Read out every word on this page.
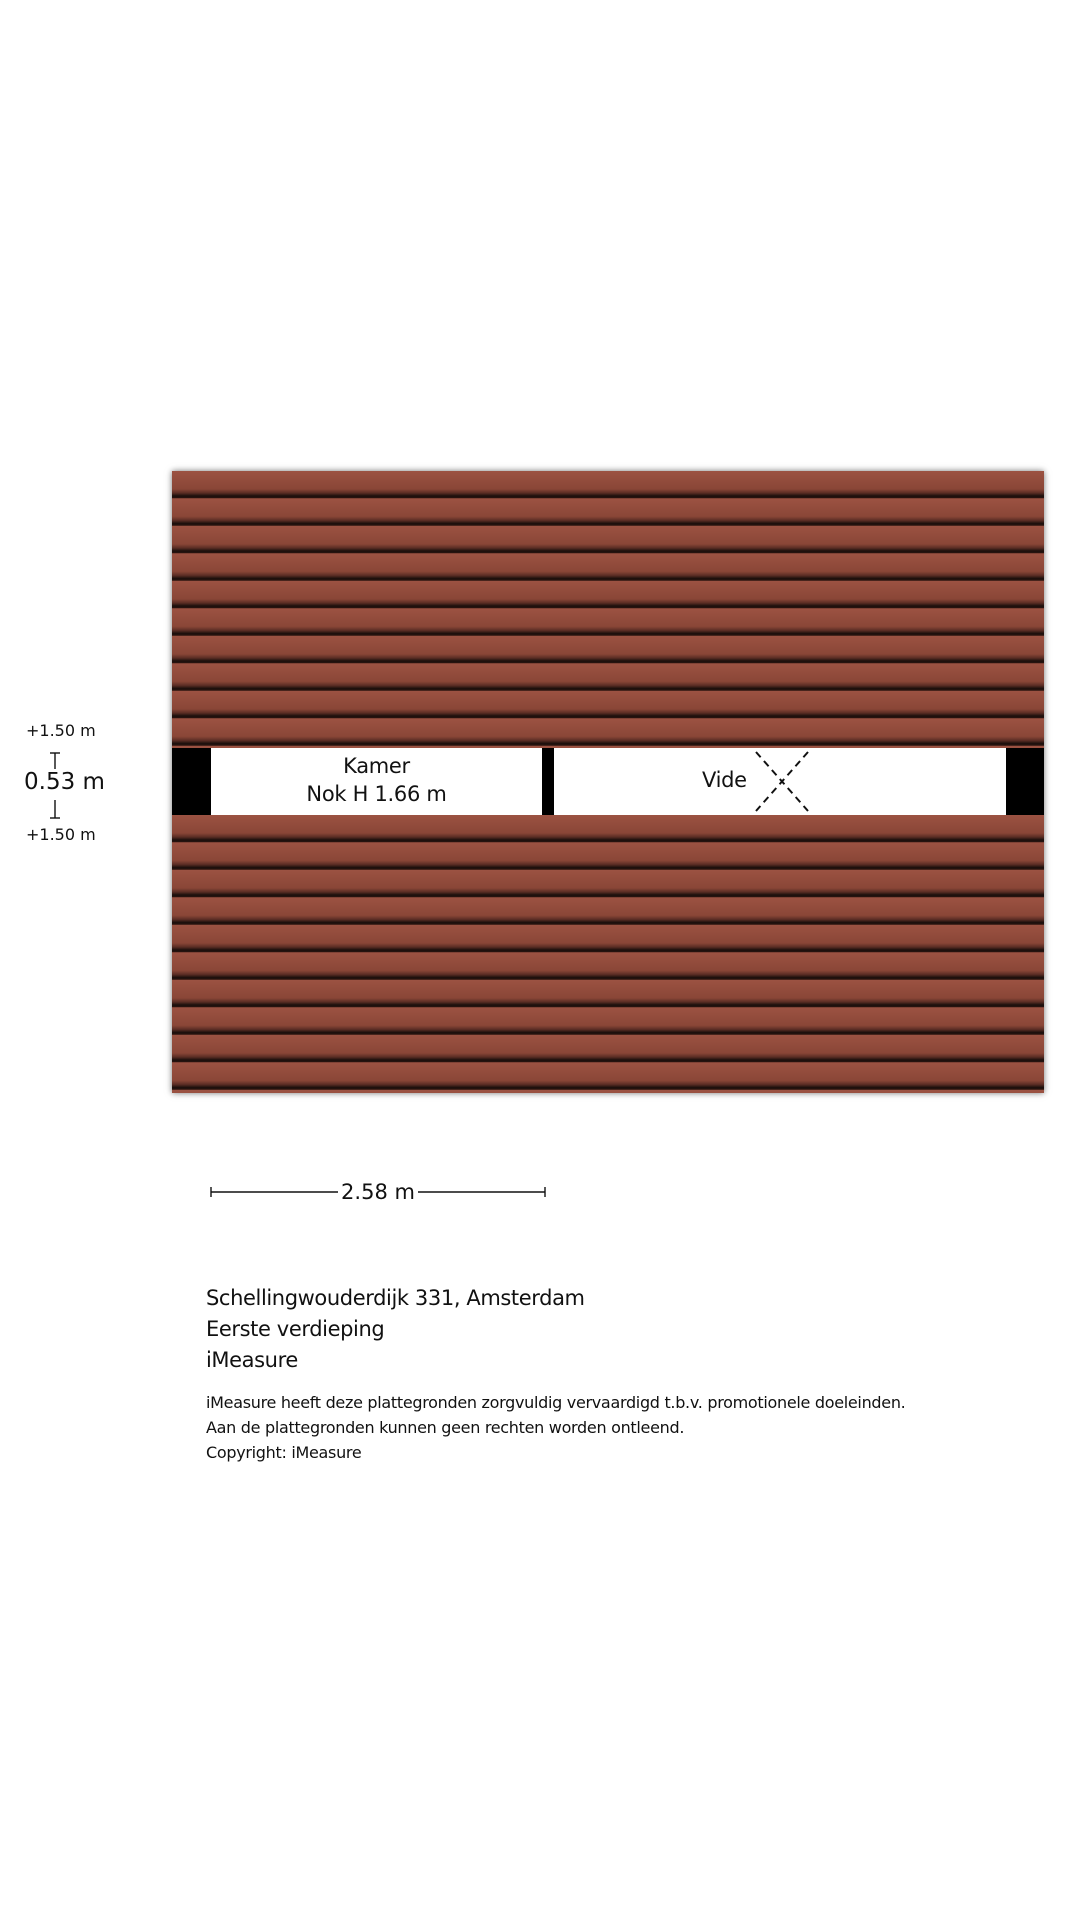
Kamer
Nok H 1.66 m
Vide
+1.50 m
0.53 m
+1.50 m
2.58 m
Schellingwouderdijk 331, Amsterdam
Eerste verdieping
iMeasure
iMeasure heeft deze plattegronden zorgvuldig vervaardigd t.b.v. promotionele doeleinden.
Aan de plattegronden kunnen geen rechten worden ontleend.
Copyright: iMeasure
